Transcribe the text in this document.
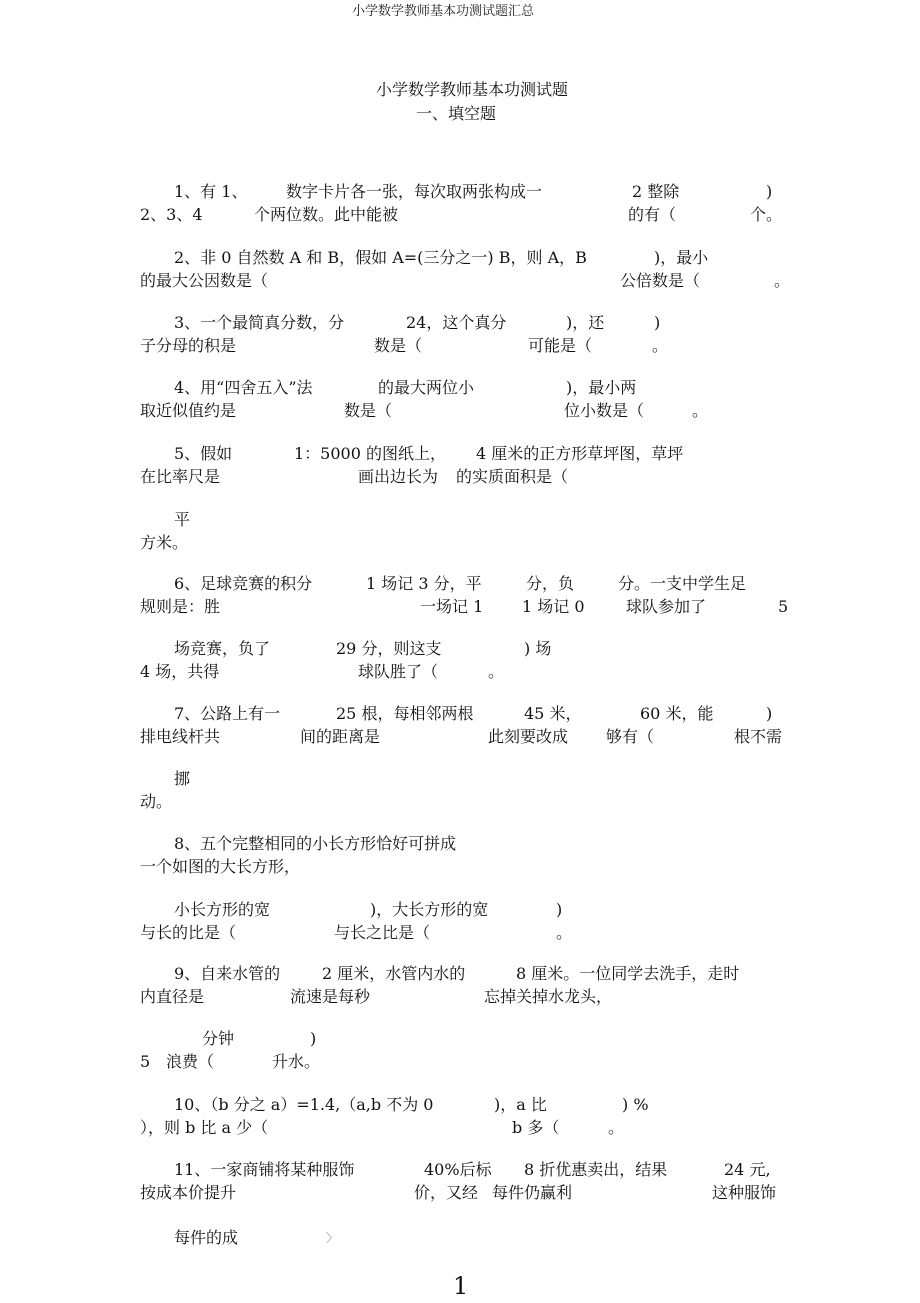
小学数学教师基本功测试题汇总
小学数学教师基本功测试题
一、填空题
1、有 1、 数字卡片各一张，每次取两张构成一	2 整除	)
2、3、4	个两位数。此中能被	的有（	个。
2、非 0 自然数 A 和 B，假如 A=(三分之一) B，则 A，B	)，最小
的最大公因数是（	公倍数是（	。
3、一个最简真分数，分	24，这个真分	)，还	)
子分母的积是	数是（	可能是（	。
4、用“四舍五入”法	的最大两位小	)，最小两
取近似值约是	数是（	位小数是（	。
5、假如	1：5000 的图纸上， 4 厘米的正方形草坪图，草坪
在比率尺是	画出边长为 的实质面积是（
平
方米。
6、足球竞赛的积分	1 场记 3 分，平	分，负	分。一支中学生足
规则是：胜	一场记 1 1 场记 0	球队参加了	5
场竞赛，负了	29 分，则这支	) 场
4 场，共得	球队胜了（	。
7、公路上有一	25 根，每相邻两根	45 米，	60 米，能	)
排电线杆共	间的距离是	此刻要改成 够有（	根不需
挪
动。
8、五个完整相同的小长方形恰好可拼成
一个如图的大长方形，
小长方形的宽	)，大长方形的宽	)
与长的比是（	与长之比是（	。
9、自来水管的	2 厘米，水管内水的	8 厘米。一位同学去洗手，走时
内直径是	流速是每秒	忘掉关掉水龙头，
分钟	)
5 浪费（	升水。
10、（b 分之 a）=1.4,（a,b 不为 0	)，a 比	) %
），则 b 比 a 少（	b 多（	。
11、一家商铺将某种服饰	40%后标 8 折优惠卖出，结果	24 元,
按成本价提升	价，又经 每件仍赢利	这种服饰
每件的成	〉
1
